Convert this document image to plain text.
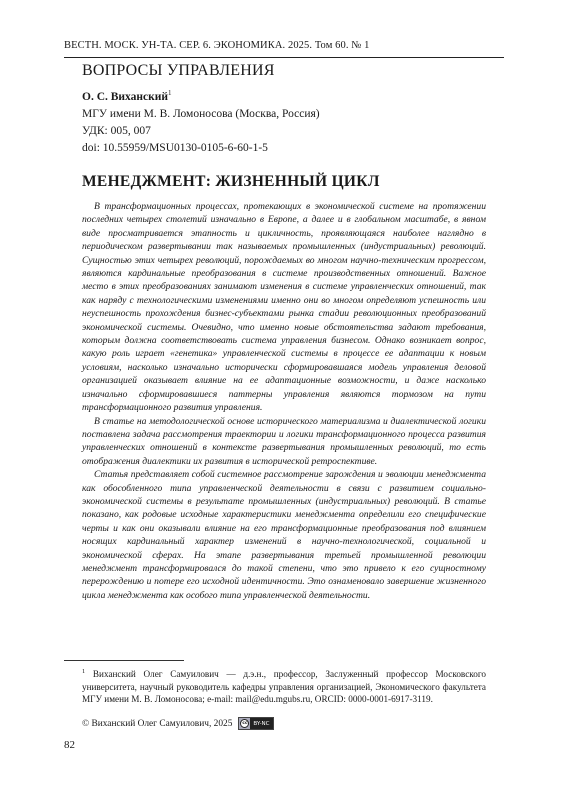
ВЕСТН. МОСК. УН-ТА. СЕР. 6. ЭКОНОМИКА. 2025. Том 60. № 1
ВОПРОСЫ УПРАВЛЕНИЯ
О. С. Виханский$^1$
МГУ имени М. В. Ломоносова (Москва, Россия)
УДК: 005, 007
doi: 10.55959/MSU0130-0105-6-60-1-5
МЕНЕДЖМЕНТ: ЖИЗНЕННЫЙ ЦИКЛ

В трансформационных процессах, протекающих в экономической системе на протяжении последних четырех столетий изначально в Европе, а далее и в глобальном масштабе, в явном виде просматривается этапность и цикличность, проявляющаяся наиболее наглядно в периодическом развертывании так называемых промышленных (индустриальных) революций. Сущностью этих четырех революций, порождаемых во многом научно-техническим прогрессом, являются кардинальные преобразования в системе производственных отношений. Важное место в этих преобразованиях занимают изменения в системе управленческих отношений, так как наряду с технологическими изменениями именно они во многом определяют успешность или неуспешность прохождения бизнес-субъектами рынка стадии революционных преобразований экономической системы. Очевидно, что именно новые обстоятельства задают требования, которым должна соответствовать система управления бизнесом. Однако возникает вопрос, какую роль играет «генетика» управленческой системы в процессе ее адаптации к новым условиям, насколько изначально исторически сформировавшаяся модель управления деловой организацией оказывает влияние на ее адаптационные возможности, и даже насколько изначально сформировавшиеся паттерны управления являются тормозом на пути трансформационного развития управления.

В статье на методологической основе исторического материализма и диалектической логики поставлена задача рассмотрения траектории и логики трансформационного процесса развития управленческих отношений в контексте развертывания промышленных революций, то есть отображения диалектики их развития в исторической ретроспективе.

Статья представляет собой системное рассмотрение зарождения и эволюции менеджмента как обособленного типа управленческой деятельности в связи с развитием социально-экономической системы в результате промышленных (индустриальных) революций. В статье показано, как родовые исходные характеристики менеджмента определили его специфические черты и как они оказывали влияние на его трансформационные преобразования под влиянием носящих кардинальный характер изменений в научно-технологической, социальной и экономической сферах. На этапе развертывания третьей промышленной революции менеджмент трансформировался до такой степени, что это привело к его сущностному перерождению и потере его исходной идентичности. Это ознаменовало завершение жизненного цикла менеджмента как особого типа управленческой деятельности.

$^1$ Виханский Олег Самуилович — д.э.н., профессор, Заслуженный профессор Московского университета, научный руководитель кафедры управления организацией, Экономического факультета МГУ имени М. В. Ломоносова; e-mail: mail@edu.mgubs.ru, ORCID: 0000-0001-6917-3119.
© Виханский Олег Самуилович, 2025	cc	BY-NC
82
